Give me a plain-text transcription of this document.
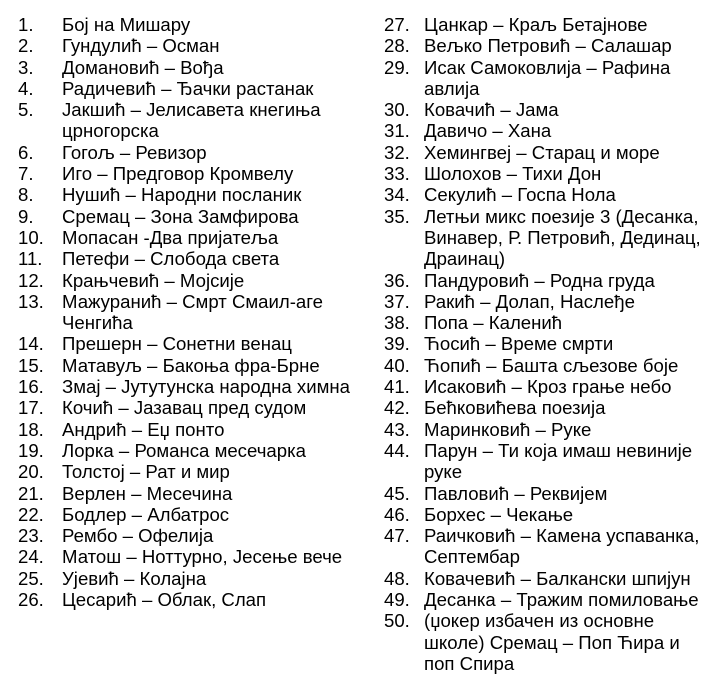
1.	Бој на Мишару
2.	Гундулић – Осман
3.	Домановић – Вођа
4.	Радичевић – Ђачки растанак
5.	Јакшић – Јелисавета кнегиња црногорска
6.	Гогољ – Ревизор
7.	Иго – Предговор Кромвелу
8.	Нушић – Народни посланик
9.	Сремац – Зона Замфирова
10. Мопасан -Два пријатеља
11.	Петефи – Слобода света
12. Крањчевић – Мојсије
13. Мажуранић – Смрт Смаил-аге Ченгића
14. Прешерн – Сонетни венац
15. Матавуљ – Бакоња фра-Брне
16. Змај – Јутутунска народна химна
17. Кочић – Јазавац пред судом
18. Андрић – Еџ понто
19. Лорка – Романса месечарка
20. Толстој – Рат и мир
21. Верлен – Месечина
22. Бодлер – Албатрос
23. Рембо – Офелија
24. Матош – Ноттурно, Јесење вече
25. Ујевић – Колајна
26. Цесарић – Облак, Слап
27. Цанкар – Краљ Бетајнове
28. Вељко Петровић – Салашар
29. Исак Самоковлија – Рафина авлија
30. Ковачић – Јама
31. Давичо – Хана
32. Хемингвеј – Старац и море
33. Шолохов – Тихи Дон
34. Секулић – Госпа Нола
35. Летњи микс поезије 3 (Десанка, Винавер, Р. Петровић, Дединац, Драинац)
36. Пандуровић – Родна груда
37. Ракић – Долап, Наслеђе
38. Попа – Каленић
39. Ћосић – Време смрти
40. Ћопић – Башта сљезове боје
41. Исаковић – Кроз грање небо
42. Бећковићева поезија
43. Маринковић – Руке
44. Парун – Ти која имаш невиније руке
45. Павловић – Реквијем
46. Борхес – Чекање
47. Раичковић – Камена успаванка, Септембар
48. Ковачевић – Балкански шпијун
49. Десанка – Тражим помиловање
50. (џокер избачен из основне школе) Сремац – Поп Ћира и поп Спира
